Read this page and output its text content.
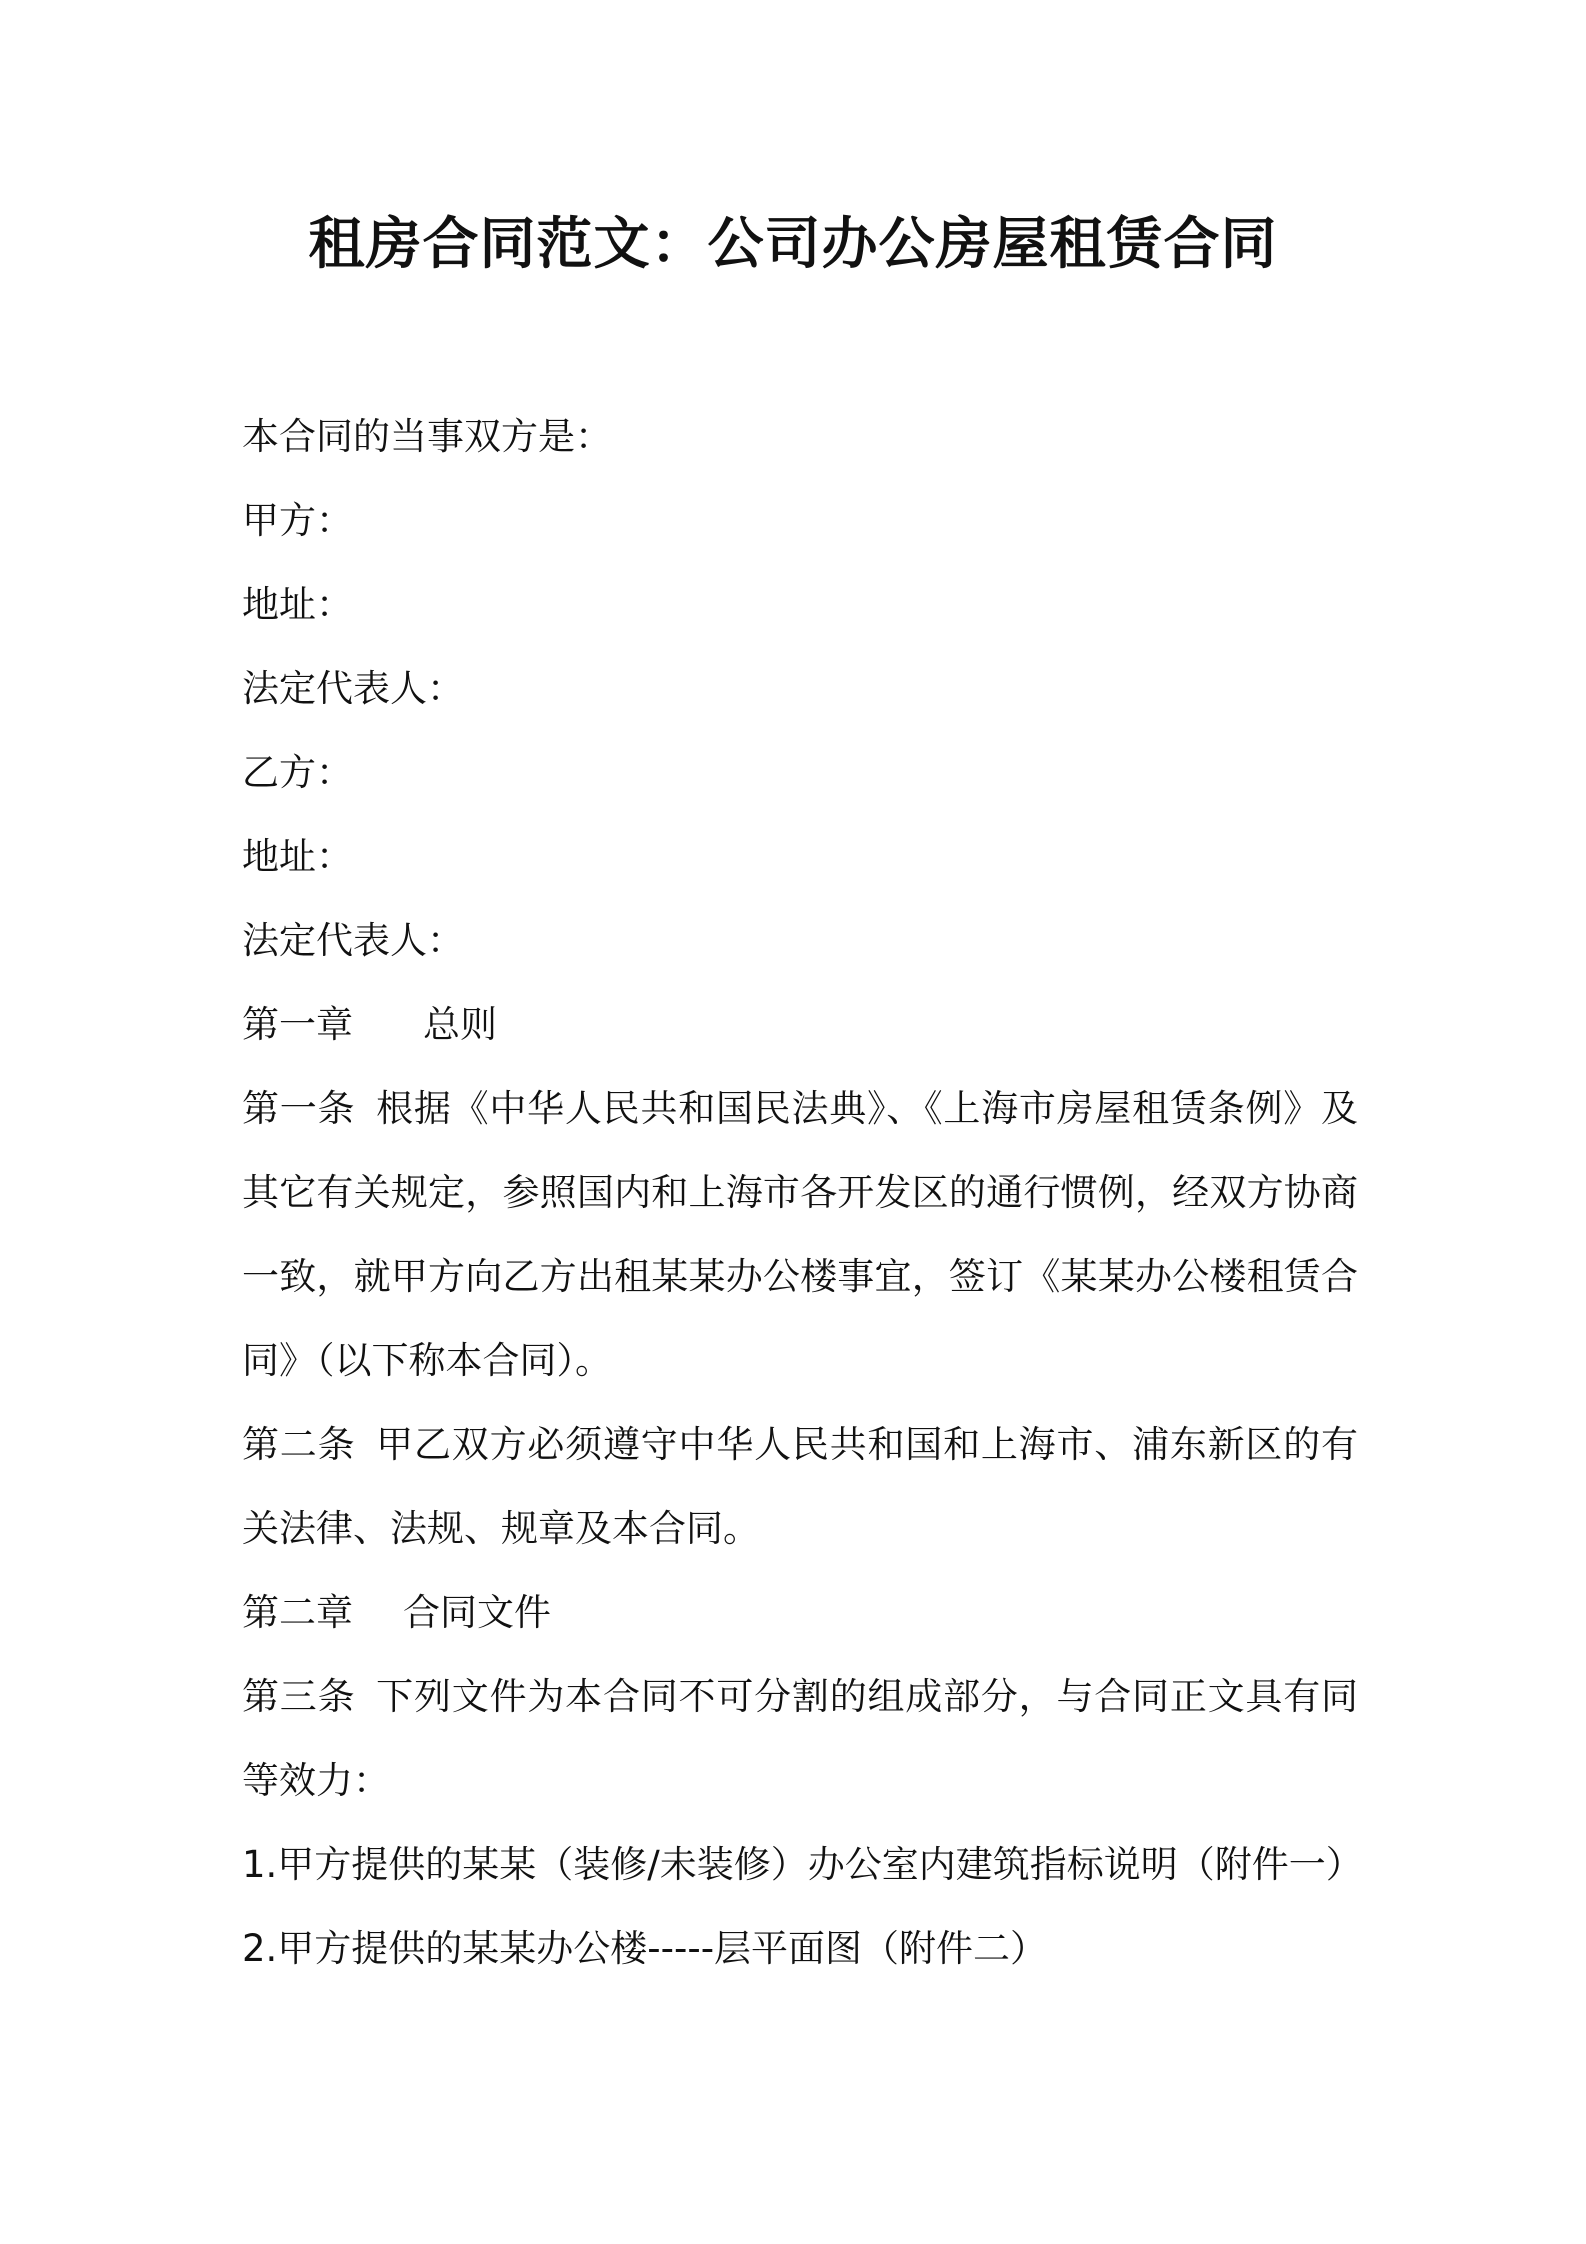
租房合同范文：公司办公房屋租赁合同

本合同的当事双方是：

甲方：

地址：

法定代表人：

乙方：

地址：

法定代表人：

第一章 总则

第一条 根据《中华人民共和国民法典》、《上海市房屋租赁条例》及其它有关规定，参照国内和上海市各开发区的通行惯例，经双方协商一致，就甲方向乙方出租某某办公楼事宜，签订《某某办公楼租赁合同》（以下称本合同）。

第二条 甲乙双方必须遵守中华人民共和国和上海市、浦东新区的有关法律、法规、规章及本合同。

第二章 合同文件

第三条 下列文件为本合同不可分割的组成部分，与合同正文具有同等效力：

1.甲方提供的某某（装修/未装修）办公室内建筑指标说明（附件一）

2.甲方提供的某某办公楼-----层平面图（附件二）
